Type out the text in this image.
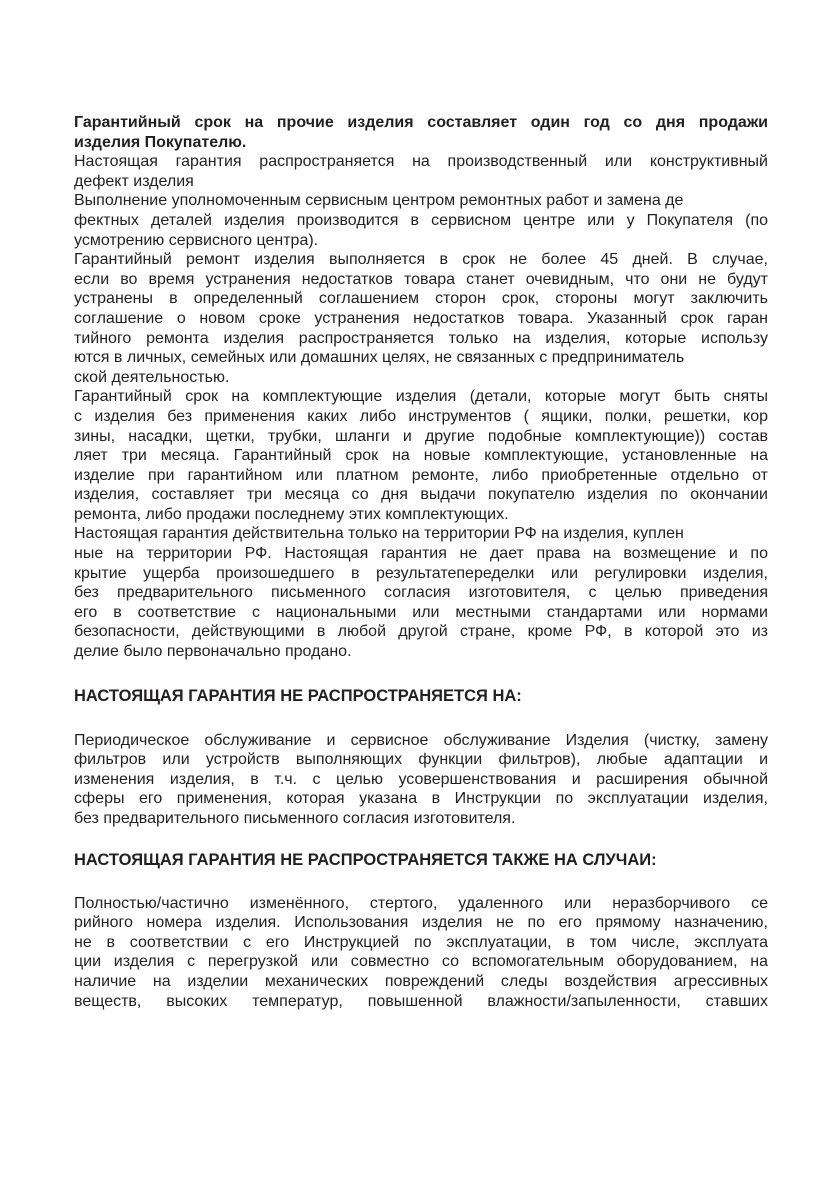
Гарантийный срок на прочие изделия составляет один год со дня продажи
изделия Покупателю.
Настоящая гарантия распространяется на производственный или конструктивный
дефект изделия
Выполнение уполномоченным сервисным центром ремонтных работ и замена де
фектных деталей изделия производится в сервисном центре или у Покупателя (по
усмотрению сервисного центра).
Гарантийный ремонт изделия выполняется в срок не более 45 дней. В случае,
если во время устранения недостатков товара станет очевидным, что они не будут
устранены в определенный соглашением сторон срок, стороны могут заключить
соглашение о новом сроке устранения недостатков товара. Указанный срок гаран
тийного ремонта изделия распространяется только на изделия, которые использу
ются в личных, семейных или домашних целях, не связанных с предприниматель
ской деятельностью.
Гарантийный срок на комплектующие изделия (детали, которые могут быть сняты
с изделия без применения каких либо инструментов ( ящики, полки, решетки, кор
зины, насадки, щетки, трубки, шланги и другие подобные комплектующие)) состав
ляет три месяца. Гарантийный срок на новые комплектующие, установленные на
изделие при гарантийном или платном ремонте, либо приобретенные отдельно от
изделия, составляет три месяца со дня выдачи покупателю изделия по окончании
ремонта, либо продажи последнему этих комплектующих.
Настоящая гарантия действительна только на территории РФ на изделия, куплен
ные на территории РФ. Настоящая гарантия не дает права на возмещение и по
крытие ущерба произошедшего в результатепеределки или регулировки изделия,
без предварительного письменного согласия изготовителя, с целью приведения
его в соответствие с национальными или местными стандартами или нормами
безопасности, действующими в любой другой стране, кроме РФ, в которой это из
делие было первоначально продано.
НАСТОЯЩАЯ ГАРАНТИЯ НЕ РАСПРОСТРАНЯЕТСЯ НА:
Периодическое обслуживание и сервисное обслуживание Изделия (чистку, замену
фильтров или устройств выполняющих функции фильтров), любые адаптации и
изменения изделия, в т.ч. с целью усовершенствования и расширения обычной
сферы его применения, которая указана в Инструкции по эксплуатации изделия,
без предварительного письменного согласия изготовителя.
НАСТОЯЩАЯ ГАРАНТИЯ НЕ РАСПРОСТРАНЯЕТСЯ ТАКЖЕ НА СЛУЧАИ:
Полностью/частично изменённого, стертого, удаленного или неразборчивого се
рийного номера изделия. Использования изделия не по его прямому назначению,
не в соответствии с его Инструкцией по эксплуатации, в том числе, эксплуата
ции изделия с перегрузкой или совместно со вспомогательным оборудованием, на
наличие на изделии механических повреждений следы воздействия агрессивных
веществ, высоких температур, повышенной влажности/запыленности, ставших
